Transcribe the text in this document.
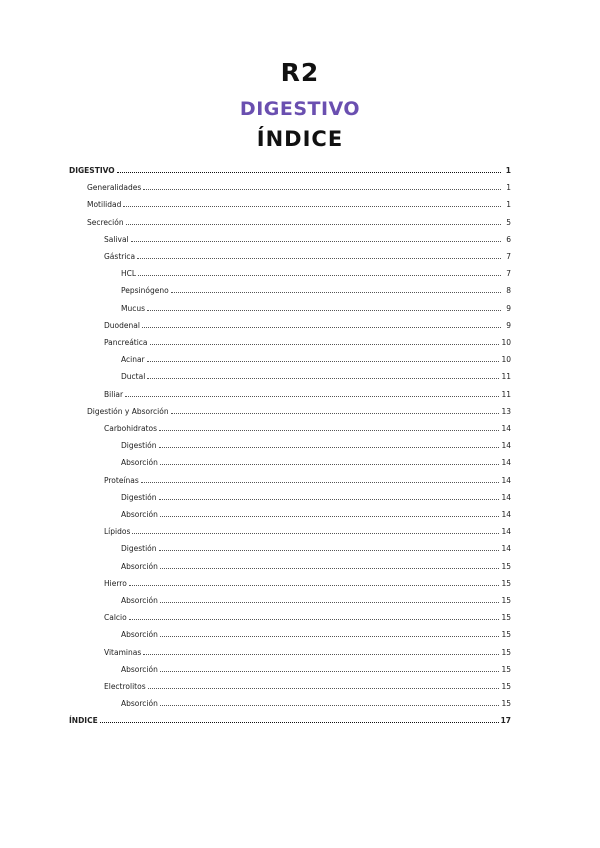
R2
DIGESTIVO
ÍNDICE
DIGESTIVO	1
Generalidades	1
Motilidad	1
Secreción	5
Salival	6
Gástrica	7
HCL	7
Pepsinógeno	8
Mucus	9
Duodenal	9
Pancreática	10
Acinar	10
Ductal	11
Biliar	11
Digestión y Absorción	13
Carbohidratos	14
Digestión	14
Absorción	14
Proteínas	14
Digestión	14
Absorción	14
Lípidos	14
Digestión	14
Absorción	15
Hierro	15
Absorción	15
Calcio	15
Absorción	15
Vitaminas	15
Absorción	15
Electrolitos	15
Absorción	15
ÍNDICE	17
